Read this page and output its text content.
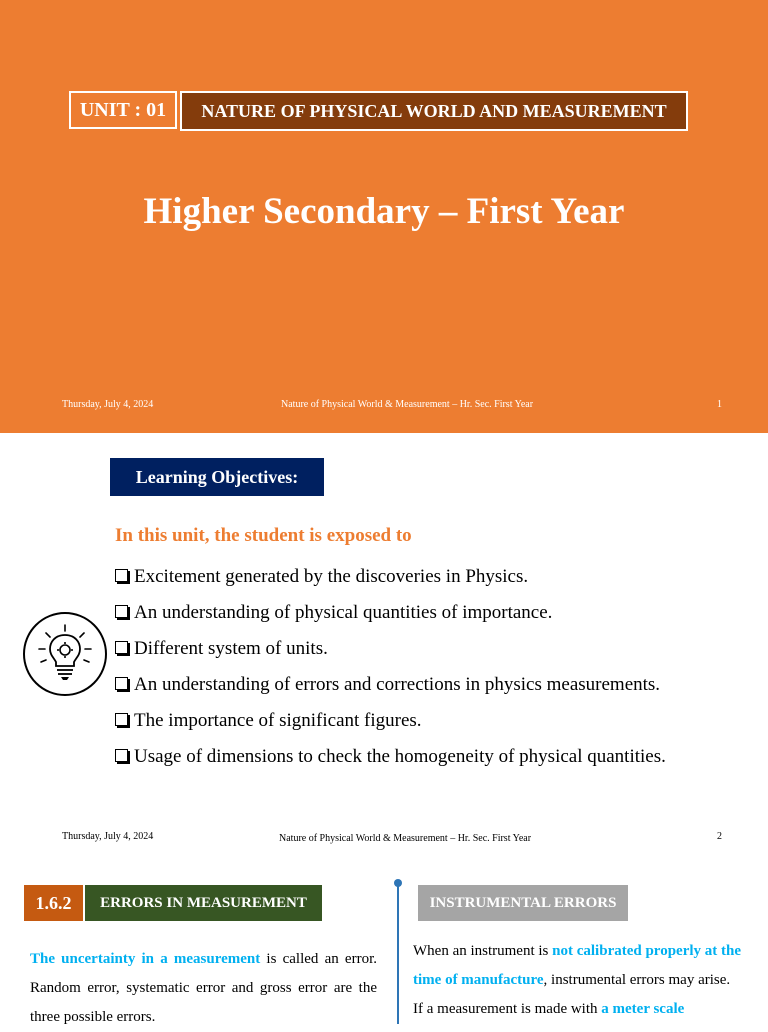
UNIT : 01	NATURE OF PHYSICAL WORLD AND MEASUREMENT
Higher Secondary – First Year
Thursday, July 4, 2024	Nature of Physical World & Measurement – Hr. Sec. First Year	1
Learning Objectives:
In this unit, the student is exposed to
Excitement generated by the discoveries in Physics.
An understanding of physical quantities of importance.
Different system of units.
An understanding of errors and corrections in physics measurements.
The importance of significant figures.
Usage of dimensions to check the homogeneity of physical quantities.
Thursday, July 4, 2024	Nature of Physical World & Measurement – Hr. Sec. First Year	2
1.6.2	ERRORS IN MEASUREMENT
The uncertainty in a measurement is called an error. Random error, systematic error and gross error are the three possible errors.
INSTRUMENTAL ERRORS
When an instrument is not calibrated properly at the time of manufacture, instrumental errors may arise. If a measurement is made with a meter scale
